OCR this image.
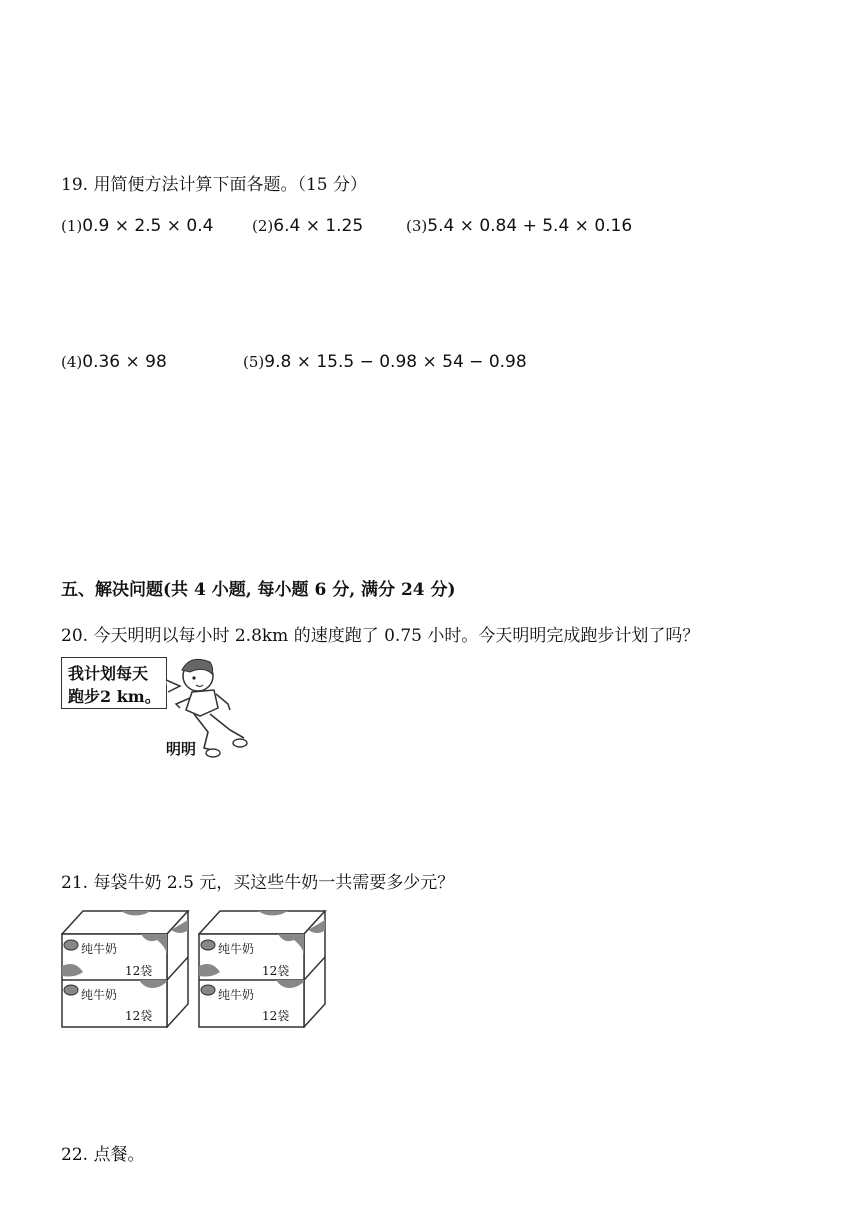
19. 用简便方法计算下面各题。（15 分）
(1)0.9 × 2.5 × 0.4	(2)6.4 × 1.25	(3)5.4 × 0.84 + 5.4 × 0.16
(4)0.36 × 98	(5)9.8 × 15.5 − 0.98 × 54 − 0.98
五、解决问题(共 4 小题, 每小题 6 分, 满分 24 分)
20. 今天明明以每小时 2.8km 的速度跑了 0.75 小时。今天明明完成跑步计划了吗？
我计划每天
跑步2 km。
明明
21. 每袋牛奶 2.5 元，买这些牛奶一共需要多少元？
纯牛奶
12袋
纯牛奶
12袋
纯牛奶
12袋
纯牛奶
12袋
22. 点餐。
